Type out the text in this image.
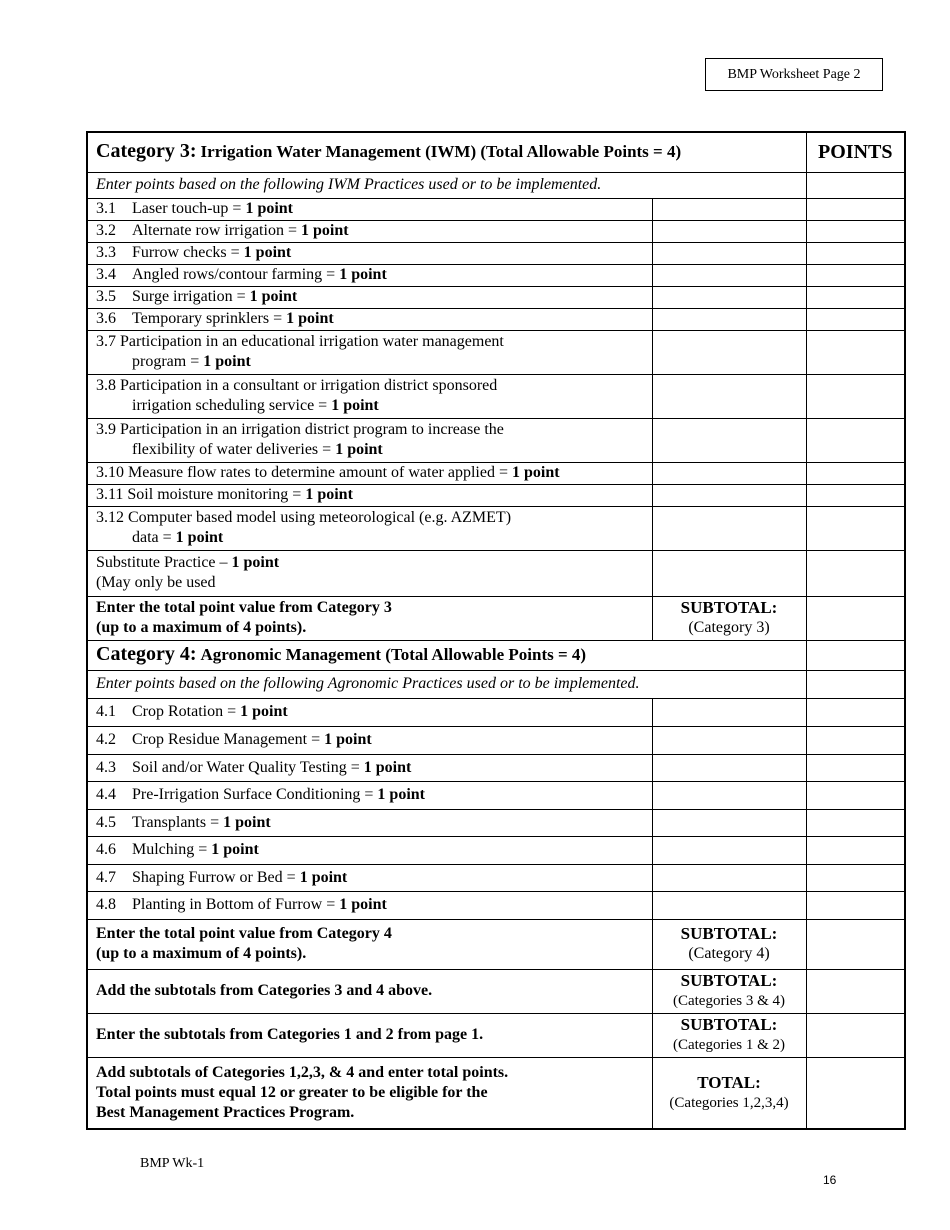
BMP Worksheet Page 2
Category 3: Irrigation Water Management (IWM) (Total Allowable Points = 4)		POINTS
Enter points based on the following IWM Practices used or to be implemented.		
3.1 Laser touch-up = 1 point		
3.2 Alternate row irrigation = 1 point		
3.3 Furrow checks = 1 point		
3.4 Angled rows/contour farming = 1 point		
3.5 Surge irrigation = 1 point		
3.6 Temporary sprinklers = 1 point		
3.7 Participation in an educational irrigation water management
program = 1 point		

3.8 Participation in a consultant or irrigation district sponsored
irrigation scheduling service = 1 point		

3.9 Participation in an irrigation district program to increase the
flexibility of water deliveries = 1 point		

3.10 Measure flow rates to determine amount of water applied = 1 point		
3.11 Soil moisture monitoring = 1 point		
3.12 Computer based model using meteorological (e.g. AZMET)
data = 1 point		

Substitute Practice – 1 point
(May only be used		
Enter the total point value from Category 3
(up to a maximum of 4 points).	SUBTOTAL:
(Category 3)	

Category 4: Agronomic Management (Total Allowable Points = 4)		
Enter points based on the following Agronomic Practices used or to be implemented.		
4.1 Crop Rotation = 1 point		
4.2 Crop Residue Management = 1 point		
4.3 Soil and/or Water Quality Testing = 1 point		
4.4 Pre-Irrigation Surface Conditioning = 1 point		
4.5 Transplants = 1 point		
4.6 Mulching = 1 point		
4.7 Shaping Furrow or Bed = 1 point		
4.8 Planting in Bottom of Furrow = 1 point		
Enter the total point value from Category 4
(up to a maximum of 4 points).	SUBTOTAL:
(Category 4)	

Add the subtotals from Categories 3 and 4 above.	SUBTOTAL:
(Categories 3 & 4)	

Enter the subtotals from Categories 1 and 2 from page 1.	SUBTOTAL:
(Categories 1 & 2)	

Add subtotals of Categories 1,2,3, & 4 and enter total points.
Total points must equal 12 or greater to be eligible for the
Best Management Practices Program.	TOTAL:
(Categories 1,2,3,4)	

BMP Wk-1
16
